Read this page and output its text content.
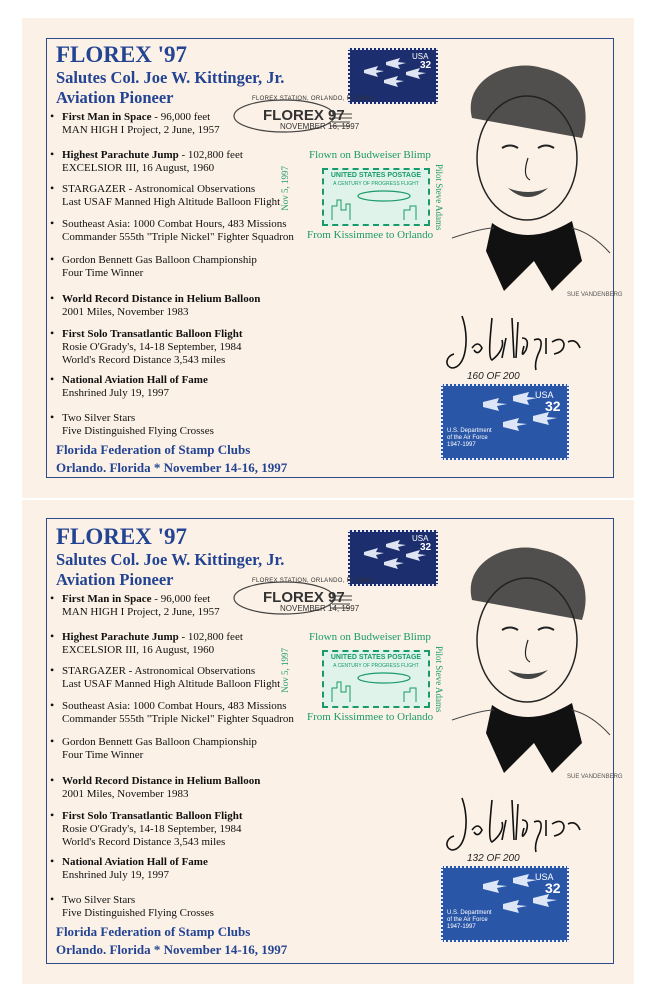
FLOREX '97
Salutes Col. Joe W. Kittinger, Jr.
Aviation Pioneer
• First Man in Space - 96,000 feet
MAN HIGH I Project, 2 June, 1957
• Highest Parachute Jump - 102,800 feet
EXCELSIOR III, 16 August, 1960
• STARGAZER - Astronomical Observations
Last USAF Manned High Altitude Balloon Flight
• Southeast Asia: 1000 Combat Hours, 483 Missions
Commander 555th "Triple Nickel" Fighter Squadron
• Gordon Bennett Gas Balloon Championship
Four Time Winner
• World Record Distance in Helium Balloon
2001 Miles, November 1983
• First Solo Transatlantic Balloon Flight
Rosie O'Grady's, 14-18 September, 1984
World's Record Distance 3,543 miles
• National Aviation Hall of Fame
Enshrined July 19, 1997
• Two Silver Stars
Five Distinguished Flying Crosses
Florida Federation of Stamp Clubs
Orlando. Florida * November 14-16, 1997
USA
32
FLOREX STATION, ORLANDO, FL 32801
FLOREX 97
NOVEMBER 16, 1997
Flown on Budweiser Blimp
Nov 5, 1997	Pilot Steve Adams
UNITED STATES POSTAGE
A CENTURY OF PROGRESS FLIGHT
From Kissimmee to Orlando
SUE VANDENBERG
160 OF 200
USA
32
U.S. Department of the Air Force 1947-1997
FLOREX '97
Salutes Col. Joe W. Kittinger, Jr.
Aviation Pioneer
• First Man in Space - 96,000 feet
MAN HIGH I Project, 2 June, 1957
• Highest Parachute Jump - 102,800 feet
EXCELSIOR III, 16 August, 1960
• STARGAZER - Astronomical Observations
Last USAF Manned High Altitude Balloon Flight
• Southeast Asia: 1000 Combat Hours, 483 Missions
Commander 555th "Triple Nickel" Fighter Squadron
• Gordon Bennett Gas Balloon Championship
Four Time Winner
• World Record Distance in Helium Balloon
2001 Miles, November 1983
• First Solo Transatlantic Balloon Flight
Rosie O'Grady's, 14-18 September, 1984
World's Record Distance 3,543 miles
• National Aviation Hall of Fame
Enshrined July 19, 1997
• Two Silver Stars
Five Distinguished Flying Crosses
Florida Federation of Stamp Clubs
Orlando. Florida * November 14-16, 1997
USA
32
FLOREX STATION, ORLANDO, FL 32801
FLOREX 97
NOVEMBER 14, 1997
Flown on Budweiser Blimp
Nov 5, 1997	Pilot Steve Adams
UNITED STATES POSTAGE
A CENTURY OF PROGRESS FLIGHT
From Kissimmee to Orlando
SUE VANDENBERG
132 OF 200
USA
32
U.S. Department of the Air Force 1947-1997
